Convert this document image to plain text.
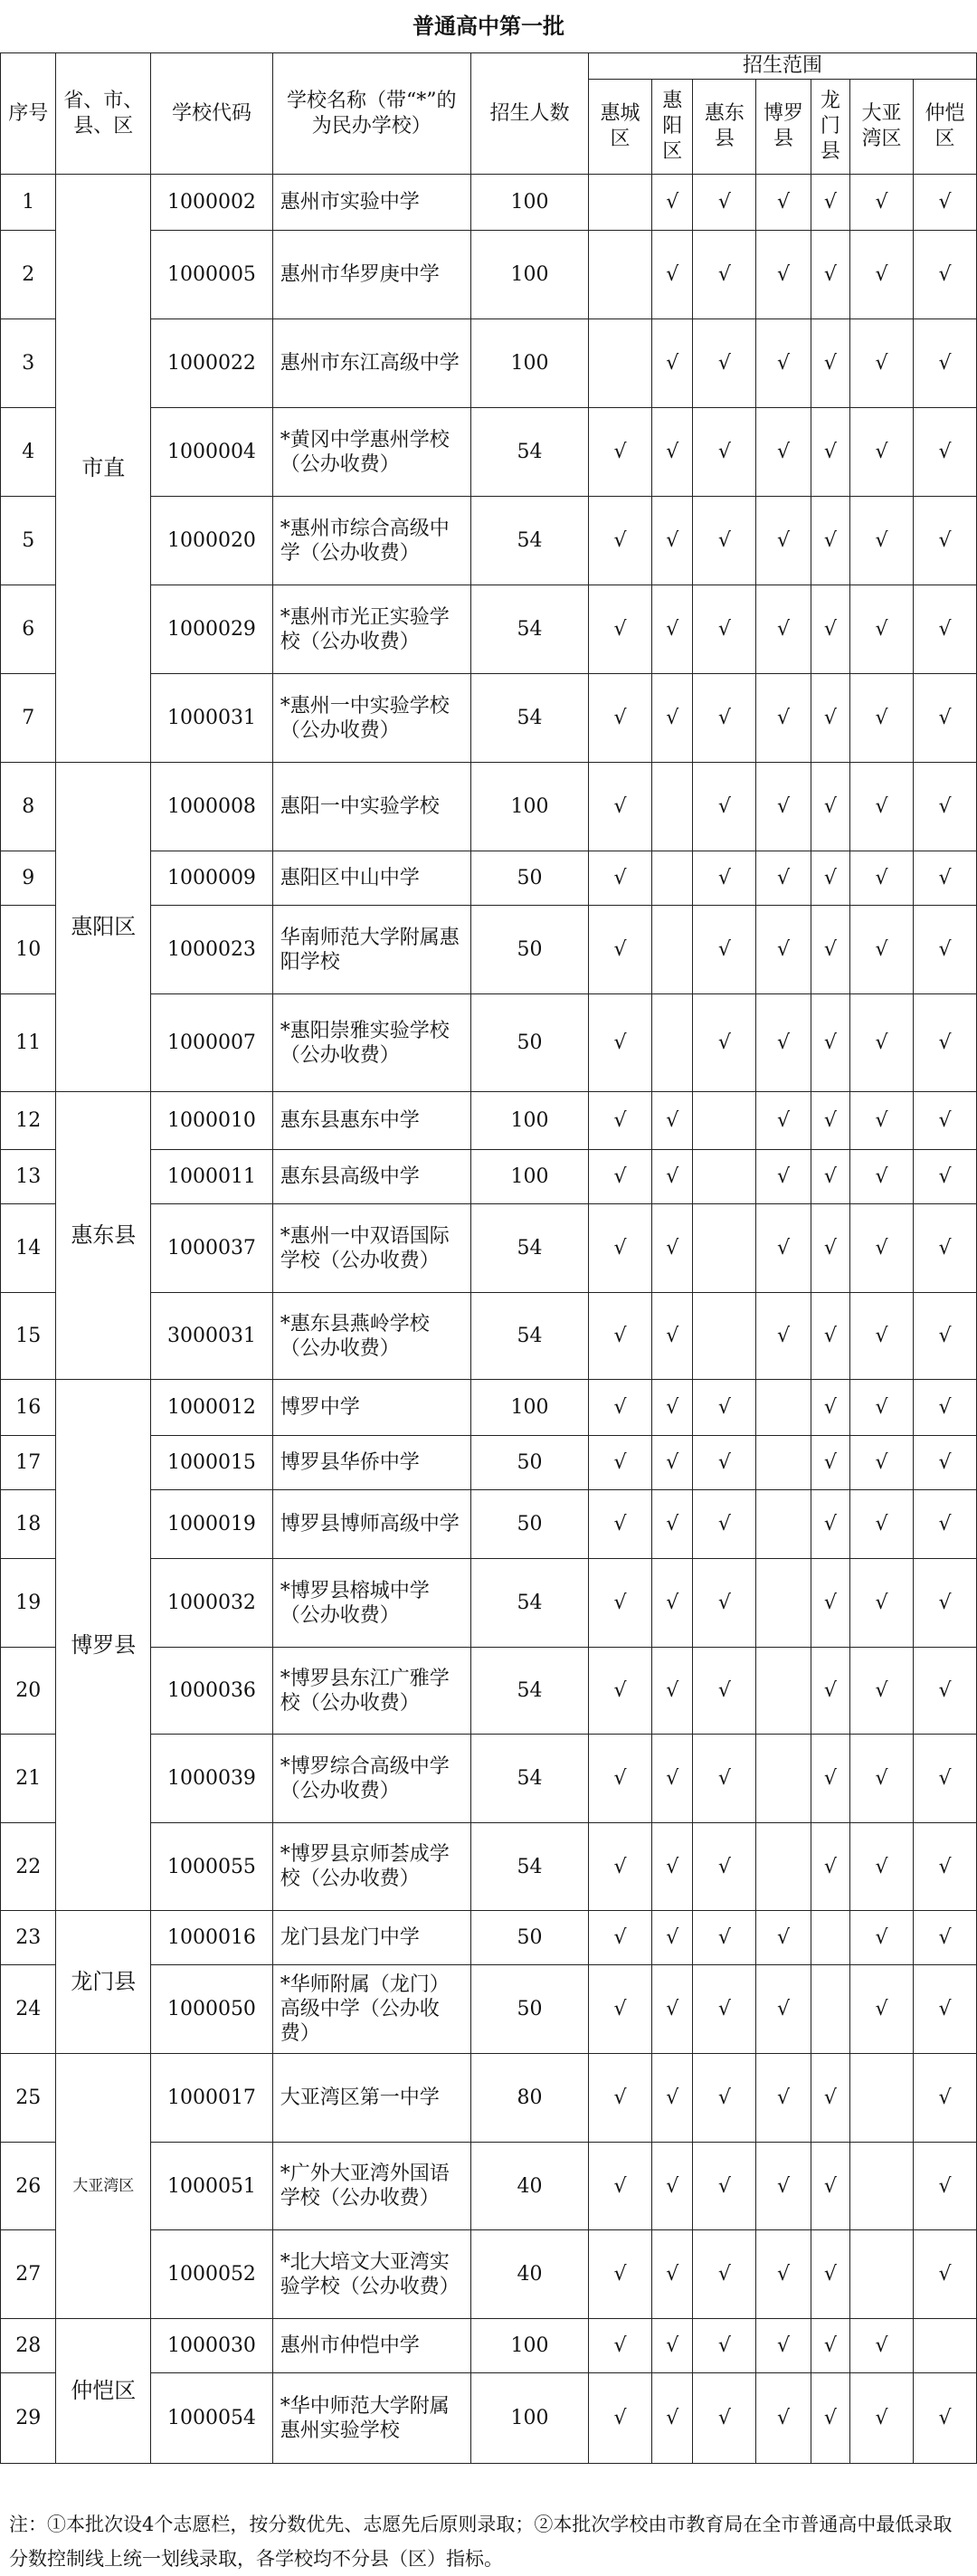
普通高中第一批
序号	省、市、县、区	学校代码	学校名称（带“*”的为民办学校）	招生人数	招生范围						
					惠城区	惠阳区	惠东县	博罗县	龙门县	大亚湾区	仲恺区
1	市直	1000002	惠州市实验中学	100		√	√	√	√	√	√
2		1000005	惠州市华罗庚中学	100		√	√	√	√	√	√
3		1000022	惠州市东江高级中学	100		√	√	√	√	√	√
4		1000004	*黄冈中学惠州学校（公办收费）	54	√	√	√	√	√	√	√
5		1000020	*惠州市综合高级中学（公办收费）	54	√	√	√	√	√	√	√
6		1000029	*惠州市光正实验学校（公办收费）	54	√	√	√	√	√	√	√
7		1000031	*惠州一中实验学校（公办收费）	54	√	√	√	√	√	√	√
8	惠阳区	1000008	惠阳一中实验学校	100	√		√	√	√	√	√
9		1000009	惠阳区中山中学	50	√		√	√	√	√	√
10		1000023	华南师范大学附属惠阳学校	50	√		√	√	√	√	√
11		1000007	*惠阳崇雅实验学校（公办收费）	50	√		√	√	√	√	√
12	惠东县	1000010	惠东县惠东中学	100	√	√		√	√	√	√
13		1000011	惠东县高级中学	100	√	√		√	√	√	√
14		1000037	*惠州一中双语国际学校（公办收费）	54	√	√		√	√	√	√
15		3000031	*惠东县燕岭学校（公办收费）	54	√	√		√	√	√	√
16	博罗县	1000012	博罗中学	100	√	√	√		√	√	√
17		1000015	博罗县华侨中学	50	√	√	√		√	√	√
18		1000019	博罗县博师高级中学	50	√	√	√		√	√	√
19		1000032	*博罗县榕城中学（公办收费）	54	√	√	√		√	√	√
20		1000036	*博罗县东江广雅学校（公办收费）	54	√	√	√		√	√	√
21		1000039	*博罗综合高级中学（公办收费）	54	√	√	√		√	√	√
22		1000055	*博罗县京师荟成学校（公办收费）	54	√	√	√		√	√	√
23	龙门县	1000016	龙门县龙门中学	50	√	√	√	√		√	√
24		1000050	*华师附属（龙门）高级中学（公办收费）	50	√	√	√	√		√	√
25	大亚湾区	1000017	大亚湾区第一中学	80	√	√	√	√	√		√
26		1000051	*广外大亚湾外国语学校（公办收费）	40	√	√	√	√	√		√
27		1000052	*北大培文大亚湾实验学校（公办收费）	40	√	√	√	√	√		√
28	仲恺区	1000030	惠州市仲恺中学	100	√	√	√	√	√	√	
29		1000054	*华中师范大学附属惠州实验学校	100	√	√	√	√	√	√	√
注：①本批次设4个志愿栏，按分数优先、志愿先后原则录取；②本批次学校由市教育局在全市普通高中最低录取分数控制线上统一划线录取，各学校均不分县（区）指标。
